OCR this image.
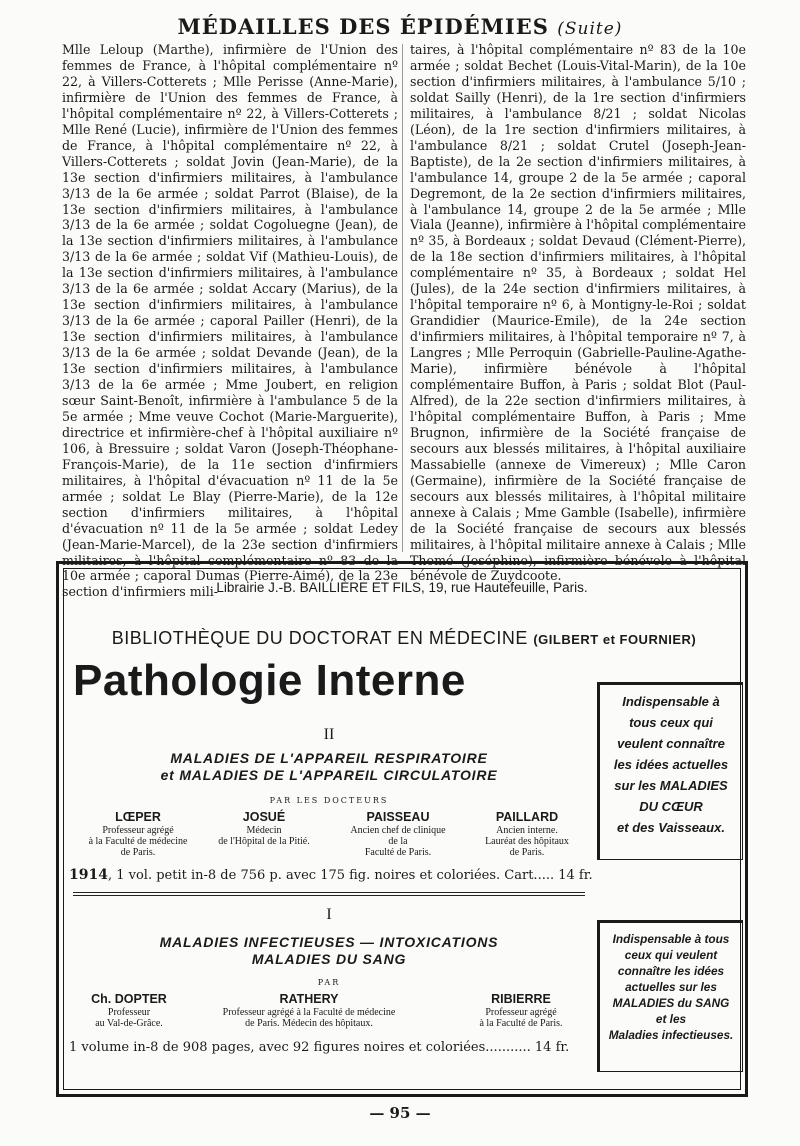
MÉDAILLES DES ÉPIDÉMIES (Suite)

Mlle Leloup (Marthe), infirmière de l'Union des femmes de France, à l'hôpital complémentaire nº 22, à Villers-Cotterets ; Mlle Perisse (Anne-Marie), infirmière de l'Union des femmes de France, à l'hôpital complémentaire nº 22, à Villers-Cotterets ; Mlle René (Lucie), infirmière de l'Union des femmes de France, à l'hôpital complémentaire nº 22, à Villers-Cotterets ; soldat Jovin (Jean-Marie), de la 13e section d'infirmiers militaires, à l'ambulance 3/13 de la 6e armée ; soldat Parrot (Blaise), de la 13e section d'infirmiers militaires, à l'ambulance 3/13 de la 6e armée ; soldat Cogoluegne (Jean), de la 13e section d'infirmiers militaires, à l'ambulance 3/13 de la 6e armée ; soldat Vif (Mathieu-Louis), de la 13e section d'infirmiers militaires, à l'ambulance 3/13 de la 6e armée ; soldat Accary (Marius), de la 13e section d'infirmiers militaires, à l'ambulance 3/13 de la 6e armée ; caporal Pailler (Henri), de la 13e section d'infirmiers militaires, à l'ambulance 3/13 de la 6e armée ; soldat Devande (Jean), de la 13e section d'infirmiers militaires, à l'ambulance 3/13 de la 6e armée ; Mme Joubert, en religion sœur Saint-Benoît, infirmière à l'ambulance 5 de la 5e armée ; Mme veuve Cochot (Marie-Marguerite), directrice et infirmière-chef à l'hôpital auxiliaire nº 106, à Bressuire ; soldat Varon (Joseph-Théophane-François-Marie), de la 11e section d'infirmiers militaires, à l'hôpital d'évacuation nº 11 de la 5e armée ; soldat Le Blay (Pierre-Marie), de la 12e section d'infirmiers militaires, à l'hôpital d'évacuation nº 11 de la 5e armée ; soldat Ledey (Jean-Marie-Marcel), de la 23e section d'infirmiers militaires, à l'hôpital complémentaire nº 83 de la 10e armée ; caporal Dumas (Pierre-Aimé), de la 23e section d'infirmiers mili-

taires, à l'hôpital complémentaire nº 83 de la 10e armée ; soldat Bechet (Louis-Vital-Marin), de la 10e section d'infirmiers militaires, à l'ambulance 5/10 ; soldat Sailly (Henri), de la 1re section d'infirmiers militaires, à l'ambulance 8/21 ; soldat Nicolas (Léon), de la 1re section d'infirmiers militaires, à l'ambulance 8/21 ; soldat Crutel (Joseph-Jean-Baptiste), de la 2e section d'infirmiers militaires, à l'ambulance 14, groupe 2 de la 5e armée ; caporal Degremont, de la 2e section d'infirmiers militaires, à l'ambulance 14, groupe 2 de la 5e armée ; Mlle Viala (Jeanne), infirmière à l'hôpital complémentaire nº 35, à Bordeaux ; soldat Devaud (Clément-Pierre), de la 18e section d'infirmiers militaires, à l'hôpital complémentaire nº 35, à Bordeaux ; soldat Hel (Jules), de la 24e section d'infirmiers militaires, à l'hôpital temporaire nº 6, à Montigny-le-Roi ; soldat Grandidier (Maurice-Emile), de la 24e section d'infirmiers militaires, à l'hôpital temporaire nº 7, à Langres ; Mlle Perroquin (Gabrielle-Pauline-Agathe-Marie), infirmière bénévole à l'hôpital complémentaire Buffon, à Paris ; soldat Blot (Paul-Alfred), de la 22e section d'infirmiers militaires, à l'hôpital complémentaire Buffon, à Paris ; Mme Brugnon, infirmière de la Société française de secours aux blessés militaires, à l'hôpital auxiliaire Massabielle (annexe de Vimereux) ; Mlle Caron (Germaine), infirmière de la Société française de secours aux blessés militaires, à l'hôpital militaire annexe à Calais ; Mme Gamble (Isabelle), infirmière de la Société française de secours aux blessés militaires, à l'hôpital militaire annexe à Calais ; Mlle Thomé (Joséphine), infirmière bénévole à l'hôpital bénévole de Zuydcoote.

Librairie J.-B. BAILLIÈRE ET FILS, 19, rue Hautefeuille, Paris.
BIBLIOTHÈQUE DU DOCTORAT EN MÉDECINE (GILBERT et FOURNIER)
Pathologie Interne	Indispensable à
tous ceux qui
veulent connaître
les idées actuelles
sur les MALADIES
DU CŒUR
et des Vaisseaux.
II
MALADIES DE L'APPAREIL RESPIRATOIRE
et MALADIES DE L'APPAREIL CIRCULATOIRE
PAR LES DOCTEURS
LŒPER
Professeur agrégé
à la Faculté de médecine
de Paris.
JOSUÉ
Médecin
de l'Hôpital de la Pitié.
PAISSEAU
Ancien chef de clinique
de la
Faculté de Paris.
PAILLARD
Ancien interne.
Lauréat des hôpitaux
de Paris.
1914, 1 vol. petit in-8 de 756 p. avec 175 fig. noires et coloriées. Cart..... 14 fr.
Indispensable à tous
ceux qui veulent
connaître les idées
actuelles sur les
MALADIES du SANG
et les
Maladies infectieuses.
I
MALADIES INFECTIEUSES — INTOXICATIONS
MALADIES DU SANG
PAR
Ch. DOPTER
Professeur
au Val-de-Grâce.
RATHERY
Professeur agrégé à la Faculté de médecine
de Paris. Médecin des hôpitaux.
RIBIERRE
Professeur agrégé
à la Faculté de Paris.
1 volume in-8 de 908 pages, avec 92 figures noires et coloriées........... 14 fr.
— 95 —
